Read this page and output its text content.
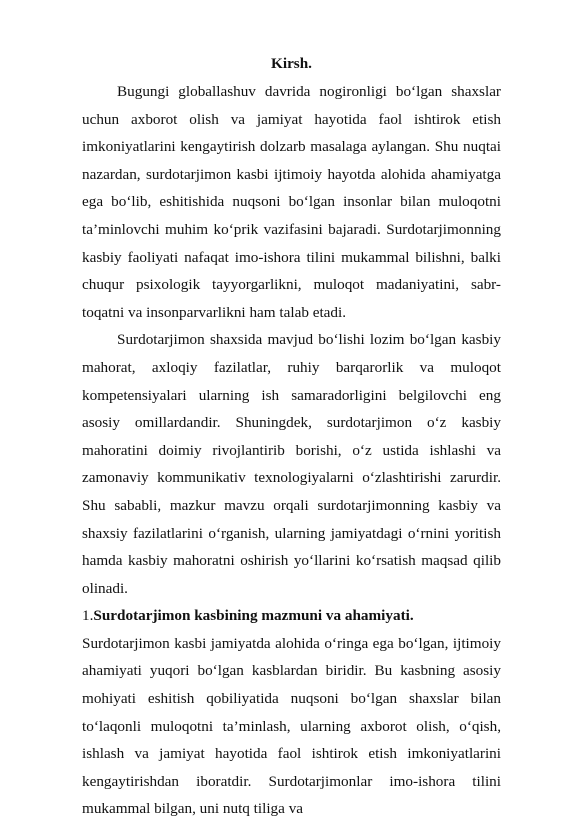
Kirsh.

Bugungi globallashuv davrida nogironligi bo‘lgan shaxslar uchun axborot olish va jamiyat hayotida faol ishtirok etish imkoniyatlarini kengaytirish dolzarb masalaga aylangan. Shu nuqtai nazardan, surdotarjimon kasbi ijtimoiy hayotda alohida ahamiyatga ega bo‘lib, eshitishida nuqsoni bo‘lgan insonlar bilan muloqotni ta’minlovchi muhim ko‘prik vazifasini bajaradi. Surdotarjimonning kasbiy faoliyati nafaqat imo-ishora tilini mukammal bilishni, balki chuqur psixologik tayyorgarlikni, muloqot madaniyatini, sabr-toqatni va insonparvarlikni ham talab etadi.

Surdotarjimon shaxsida mavjud bo‘lishi lozim bo‘lgan kasbiy mahorat, axloqiy fazilatlar, ruhiy barqarorlik va muloqot kompetensiyalari ularning ish samaradorligini belgilovchi eng asosiy omillardandir. Shuningdek, surdotarjimon o‘z kasbiy mahoratini doimiy rivojlantirib borishi, o‘z ustida ishlashi va zamonaviy kommunikativ texnologiyalarni o‘zlashtirishi zarurdir. Shu sababli, mazkur mavzu orqali surdotarjimonning kasbiy va shaxsiy fazilatlarini o‘rganish, ularning jamiyatdagi o‘rnini yoritish hamda kasbiy mahoratni oshirish yo‘llarini ko‘rsatish maqsad qilib olinadi.

1.Surdotarjimon kasbining mazmuni va ahamiyati.

Surdotarjimon kasbi jamiyatda alohida o‘ringa ega bo‘lgan, ijtimoiy ahamiyati yuqori bo‘lgan kasblardan biridir. Bu kasbning asosiy mohiyati eshitish qobiliyatida nuqsoni bo‘lgan shaxslar bilan to‘laqonli muloqotni ta’minlash, ularning axborot olish, o‘qish, ishlash va jamiyat hayotida faol ishtirok etish imkoniyatlarini kengaytirishdan iboratdir. Surdotarjimonlar imo-ishora tilini mukammal bilgan, uni nutq tiliga va
